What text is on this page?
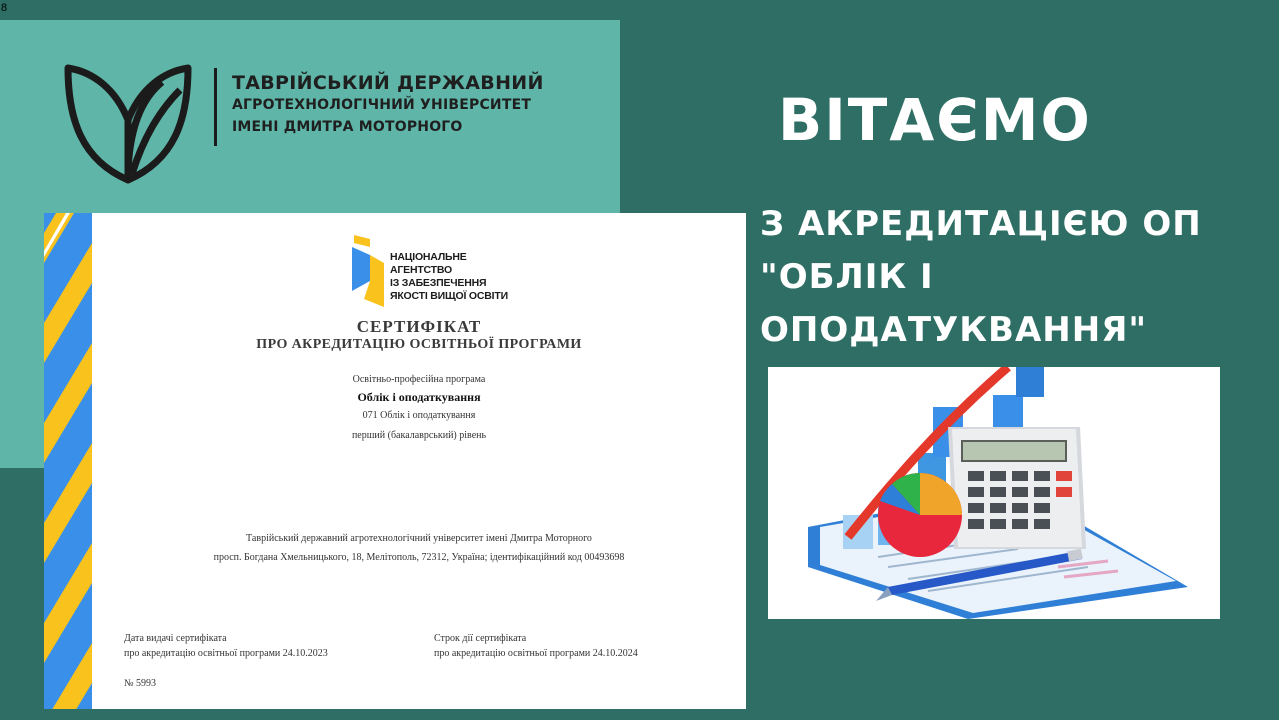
8
ТАВРІЙСЬКИЙ ДЕРЖАВНИЙ
АГРОТЕХНОЛОГІЧНИЙ УНІВЕРСИТЕТ
ІМЕНІ ДМИТРА МОТОРНОГО
НАЦІОНАЛЬНЕ
АГЕНТСТВО
ІЗ ЗАБЕЗПЕЧЕННЯ
ЯКОСТІ ВИЩОЇ ОСВІТИ
СЕРТИФІКАТ
ПРО АКРЕДИТАЦІЮ ОСВІТНЬОЇ ПРОГРАМИ
Освітньо-професійна програма
Облік і оподаткування
071 Облік і оподаткування
перший (бакалаврський) рівень
Таврійський державний агротехнологічний університет імені Дмитра Моторного
просп. Богдана Хмельницького, 18, Мелітополь, 72312, Україна; ідентифікаційний код 00493698
Дата видачі сертифіката
про акредитацію освітньої програми 24.10.2023
Строк дії сертифіката
про акредитацію освітньої програми 24.10.2024
№ 5993
ВІТАЄМО
З АКРЕДИТАЦІЄЮ ОП
"ОБЛІК І
ОПОДАТУКВАННЯ"
